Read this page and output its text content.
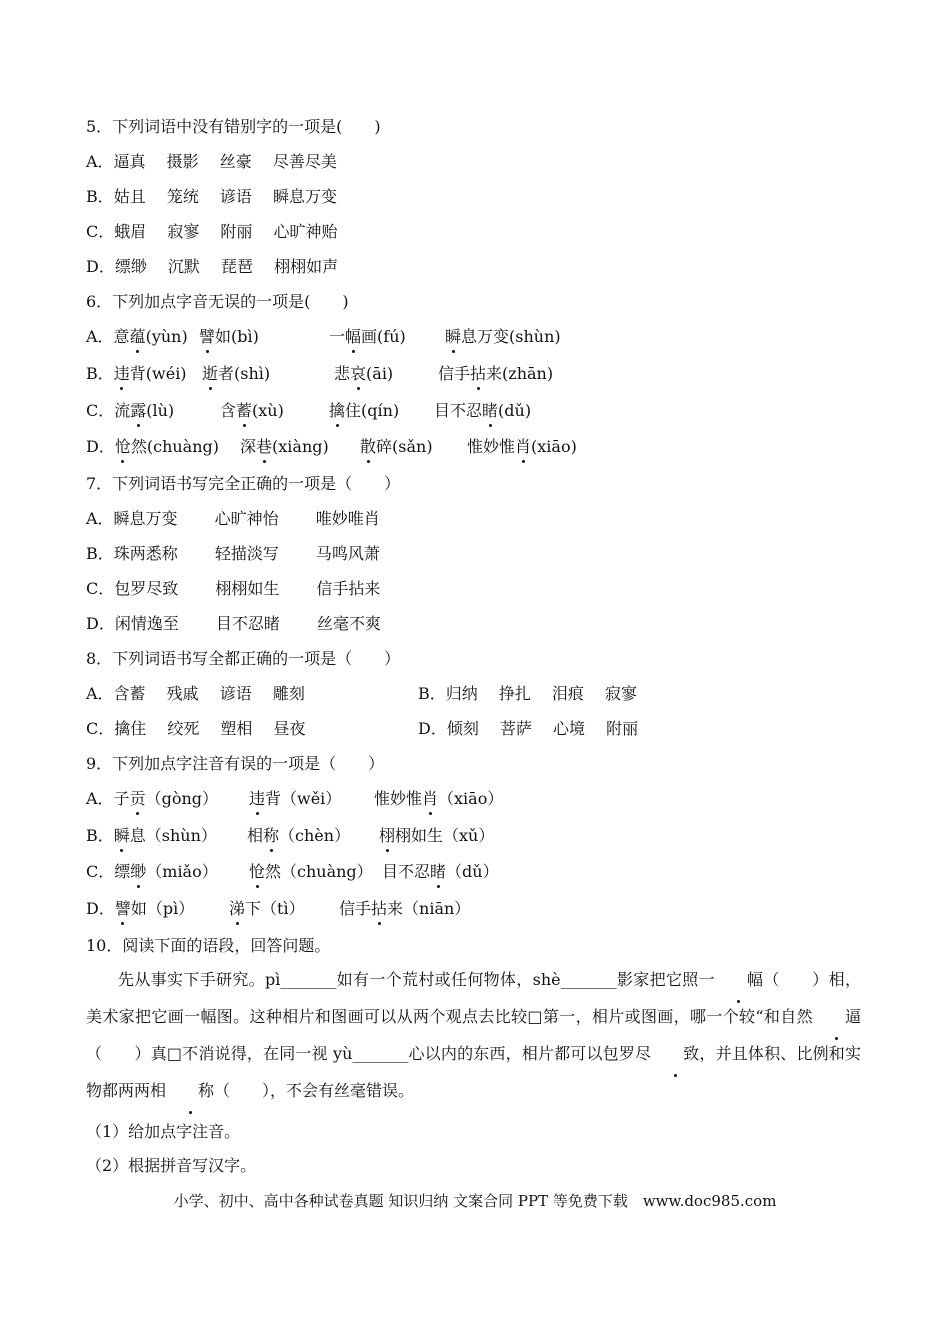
5．下列词语中没有错别字的一项是(　　)
A．逼真　 摄影　 丝豪　 尽善尽美
B．姑且　 笼统　 谚语　 瞬息万变
C．蛾眉　 寂寥　 附丽　 心旷神贻
D．缥缈　 沉默　 琵琶　 栩栩如声
6．下列加点字音无误的一项是(　　)
A．意蕴(yùn) 譬如(bì)	一幅画(fú) 瞬息万变(shùn)
B．违背(wéi) 逝者(shì)	悲哀(āi)	信手拈来(zhān)
C．流露(lù)	含蓄(xù)	擒住(qín) 目不忍睹(dǔ)
D．怆然(chuàng) 深巷(xiàng) 散碎(sǎn) 惟妙惟肖(xiāo)
7．下列词语书写完全正确的一项是（　　）
A．瞬息万变　　 心旷神怡　　 唯妙唯肖
B．珠两悉称　　 轻描淡写　　 马鸣风萧
C．包罗尽致　　 栩栩如生　　 信手拈来
D．闲情逸至　　 目不忍睹　　 丝毫不爽
8．下列词语书写全都正确的一项是（　　）
A．含蓄　 残戚　 谚语　 雕刻	B．归纳　 挣扎　 泪痕　 寂寥
C．擒住　 绞死　 塑相　 昼夜	D．倾刻　 菩萨　 心境　 附丽
9．下列加点字注音有误的一项是（　　）
A．子贡（gòng） 违背（wěi） 惟妙惟肖（xiāo）
B．瞬息（shùn） 相称（chèn） 栩栩如生（xǔ）
C．缥缈（miǎo） 怆然（chuàng） 目不忍睹（dǔ）
D．譬如（pì） 涕下（tì） 信手拈来（niān）
10．阅读下面的语段，回答问题。
先从事实下手研究。pì_______如有一个荒村或任何物体，shè_______影家把它照一 幅（　　）相，美术家把它画一幅图。这种相片和图画可以从两个观点去比较□第一，相片或图画，哪一个较“和自然 逼（　　）真□不消说得，在同一视 yù_______心以内的东西，相片都可以包罗尽 致，并且体积、比例和实物都两两相 称（　　），不会有丝毫错误。
（1）给加点字注音。
（2）根据拼音写汉字。
小学、初中、高中各种试卷真题 知识归纳 文案合同 PPT 等免费下载　www.doc985.com
